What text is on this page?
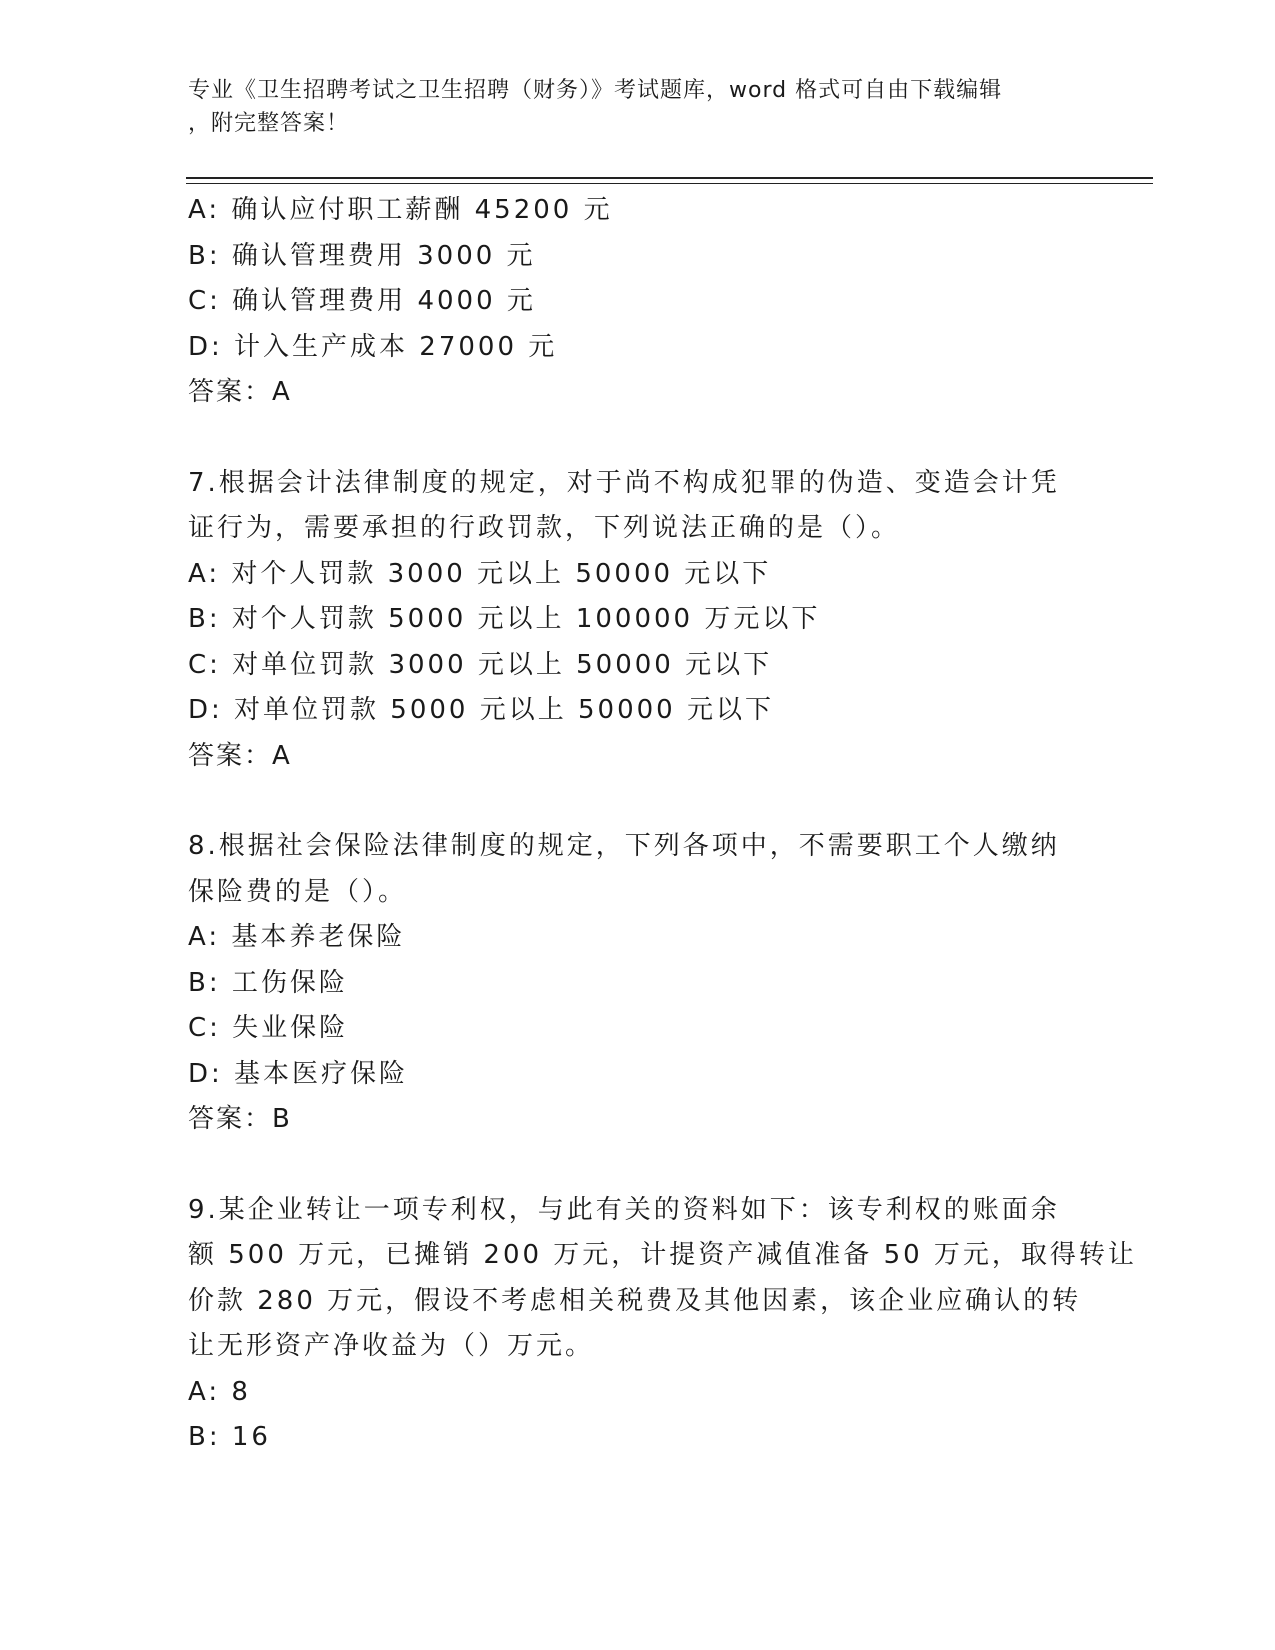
专业《卫生招聘考试之卫生招聘（财务）》考试题库，word 格式可自由下载编辑
，附完整答案！
A: 确认应付职工薪酬 45200 元
B: 确认管理费用 3000 元
C: 确认管理费用 4000 元
D: 计入生产成本 27000 元
答案：A
7.根据会计法律制度的规定，对于尚不构成犯罪的伪造、变造会计凭
证行为，需要承担的行政罚款，下列说法正确的是（）。
A: 对个人罚款 3000 元以上 50000 元以下
B: 对个人罚款 5000 元以上 100000 万元以下
C: 对单位罚款 3000 元以上 50000 元以下
D: 对单位罚款 5000 元以上 50000 元以下
答案：A
8.根据社会保险法律制度的规定，下列各项中，不需要职工个人缴纳
保险费的是（）。
A: 基本养老保险
B: 工伤保险
C: 失业保险
D: 基本医疗保险
答案：B
9.某企业转让一项专利权，与此有关的资料如下：该专利权的账面余
额 500 万元，已摊销 200 万元，计提资产减值准备 50 万元，取得转让
价款 280 万元，假设不考虑相关税费及其他因素，该企业应确认的转
让无形资产净收益为（）万元。
A: 8
B: 16
